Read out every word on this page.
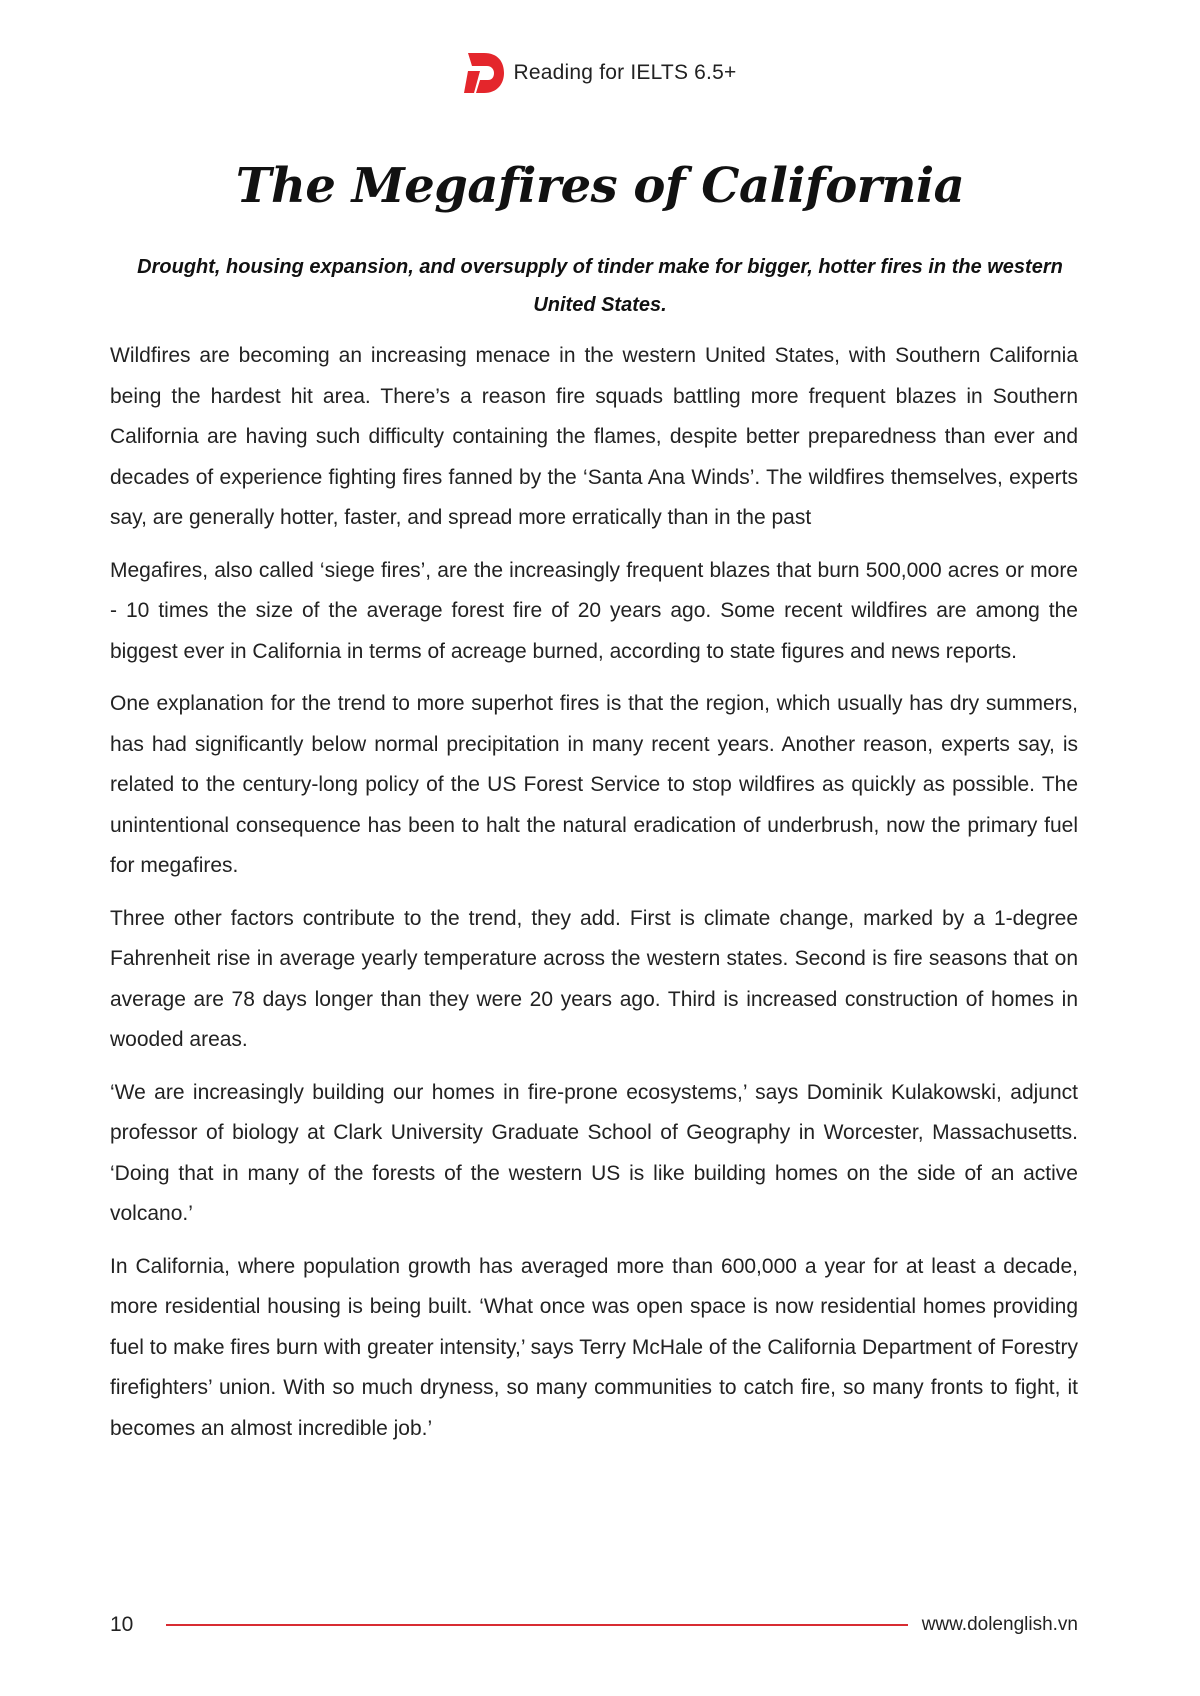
Reading for IELTS 6.5+
The Megafires of California

Drought, housing expansion, and oversupply of tinder make for bigger, hotter fires in the western United States.

Wildfires are becoming an increasing menace in the western United States, with Southern California being the hardest hit area. There’s a reason fire squads battling more frequent blazes in Southern California are having such difficulty containing the flames, despite better preparedness than ever and decades of experience fighting fires fanned by the ‘Santa Ana Winds’. The wildfires themselves, experts say, are generally hotter, faster, and spread more erratically than in the past

Megafires, also called ‘siege fires’, are the increasingly frequent blazes that burn 500,000 acres or more - 10 times the size of the average forest fire of 20 years ago. Some recent wildfires are among the biggest ever in California in terms of acreage burned, according to state figures and news reports.

One explanation for the trend to more superhot fires is that the region, which usually has dry summers, has had significantly below normal precipitation in many recent years. Another reason, experts say, is related to the century-long policy of the US Forest Service to stop wildfires as quickly as possible. The unintentional consequence has been to halt the natural eradication of underbrush, now the primary fuel for megafires.

Three other factors contribute to the trend, they add. First is climate change, marked by a 1-degree Fahrenheit rise in average yearly temperature across the western states. Second is fire seasons that on average are 78 days longer than they were 20 years ago. Third is increased construction of homes in wooded areas.

‘We are increasingly building our homes in fire-prone ecosystems,’ says Dominik Kulakowski, adjunct professor of biology at Clark University Graduate School of Geography in Worcester, Massachusetts. ‘Doing that in many of the forests of the western US is like building homes on the side of an active volcano.’

In California, where population growth has averaged more than 600,000 a year for at least a decade, more residential housing is being built. ‘What once was open space is now residential homes providing fuel to make fires burn with greater intensity,’ says Terry McHale of the California Department of Forestry firefighters’ union. With so much dryness, so many communities to catch fire, so many fronts to fight, it becomes an almost incredible job.’

10	www.dolenglish.vn
